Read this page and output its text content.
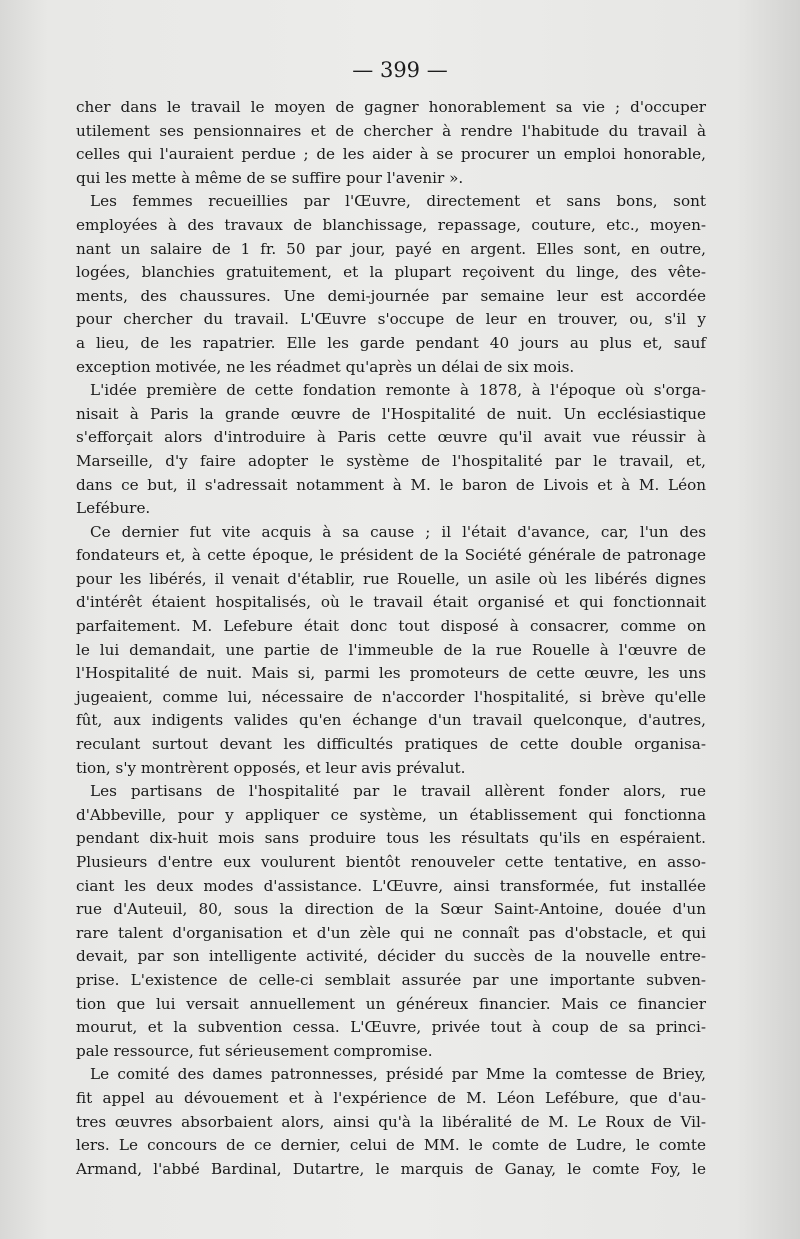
— 399 —
cher dans le travail le moyen de gagner honorablement sa vie ; d'occuper
utilement ses pensionnaires et de chercher à rendre l'habitude du travail à
celles qui l'auraient perdue ; de les aider à se procurer un emploi honorable,
qui les mette à même de se suffire pour l'avenir ».
Les femmes recueillies par l'Œuvre, directement et sans bons, sont
employées à des travaux de blanchissage, repassage, couture, etc., moyen-
nant un salaire de 1 fr. 50 par jour, payé en argent. Elles sont, en outre,
logées, blanchies gratuitement, et la plupart reçoivent du linge, des vête-
ments, des chaussures. Une demi-journée par semaine leur est accordée
pour chercher du travail. L'Œuvre s'occupe de leur en trouver, ou, s'il y
a lieu, de les rapatrier. Elle les garde pendant 40 jours au plus et, sauf
exception motivée, ne les réadmet qu'après un délai de six mois.
L'idée première de cette fondation remonte à 1878, à l'époque où s'orga-
nisait à Paris la grande œuvre de l'Hospitalité de nuit. Un ecclésiastique
s'efforçait alors d'introduire à Paris cette œuvre qu'il avait vue réussir à
Marseille, d'y faire adopter le système de l'hospitalité par le travail, et,
dans ce but, il s'adressait notamment à M. le baron de Livois et à M. Léon
Lefébure.
Ce dernier fut vite acquis à sa cause ; il l'était d'avance, car, l'un des
fondateurs et, à cette époque, le président de la Société générale de patronage
pour les libérés, il venait d'établir, rue Rouelle, un asile où les libérés dignes
d'intérêt étaient hospitalisés, où le travail était organisé et qui fonctionnait
parfaitement. M. Lefebure était donc tout disposé à consacrer, comme on
le lui demandait, une partie de l'immeuble de la rue Rouelle à l'œuvre de
l'Hospitalité de nuit. Mais si, parmi les promoteurs de cette œuvre, les uns
jugeaient, comme lui, nécessaire de n'accorder l'hospitalité, si brève qu'elle
fût, aux indigents valides qu'en échange d'un travail quelconque, d'autres,
reculant surtout devant les difficultés pratiques de cette double organisa-
tion, s'y montrèrent opposés, et leur avis prévalut.
Les partisans de l'hospitalité par le travail allèrent fonder alors, rue
d'Abbeville, pour y appliquer ce système, un établissement qui fonctionna
pendant dix-huit mois sans produire tous les résultats qu'ils en espéraient.
Plusieurs d'entre eux voulurent bientôt renouveler cette tentative, en asso-
ciant les deux modes d'assistance. L'Œuvre, ainsi transformée, fut installée
rue d'Auteuil, 80, sous la direction de la Sœur Saint-Antoine, douée d'un
rare talent d'organisation et d'un zèle qui ne connaît pas d'obstacle, et qui
devait, par son intelligente activité, décider du succès de la nouvelle entre-
prise. L'existence de celle-ci semblait assurée par une importante subven-
tion que lui versait annuellement un généreux financier. Mais ce financier
mourut, et la subvention cessa. L'Œuvre, privée tout à coup de sa princi-
pale ressource, fut sérieusement compromise.
Le comité des dames patronnesses, présidé par Mme la comtesse de Briey,
fit appel au dévouement et à l'expérience de M. Léon Lefébure, que d'au-
tres œuvres absorbaient alors, ainsi qu'à la libéralité de M. Le Roux de Vil-
lers. Le concours de ce dernier, celui de MM. le comte de Ludre, le comte
Armand, l'abbé Bardinal, Dutartre, le marquis de Ganay, le comte Foy, le
